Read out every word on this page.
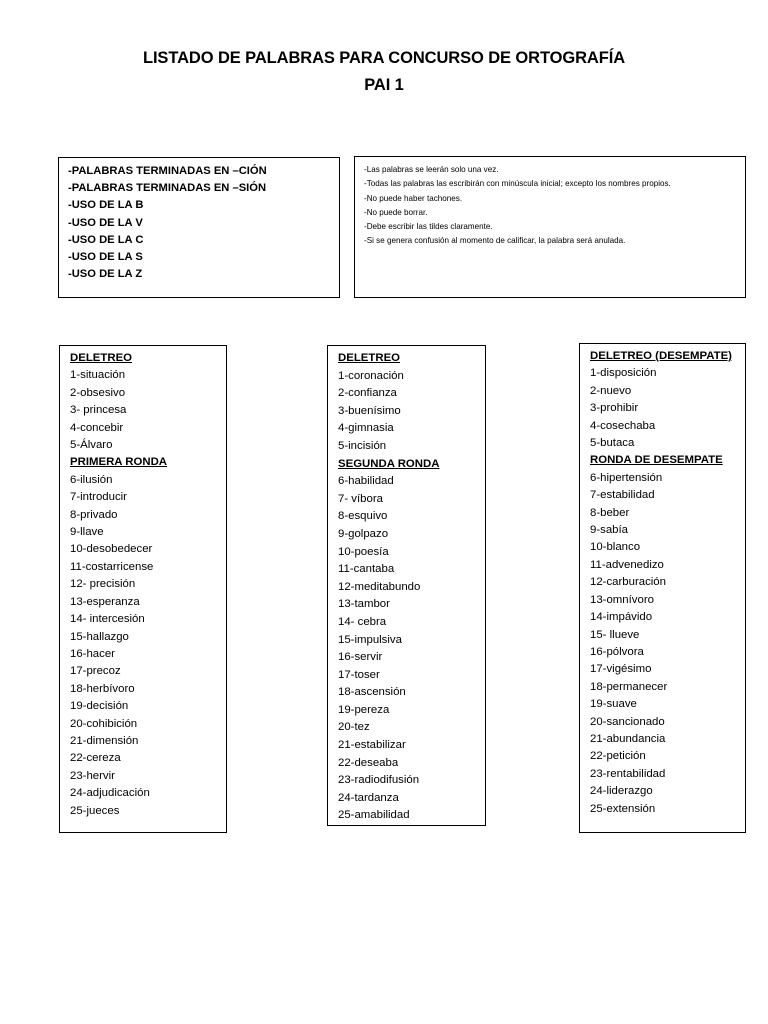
LISTADO DE PALABRAS PARA CONCURSO DE ORTOGRAFÍA
PAI 1
-PALABRAS TERMINADAS EN –CIÓN
-PALABRAS TERMINADAS EN –SIÓN
-USO DE LA B
-USO DE LA V
-USO DE LA C
-USO DE LA S
-USO DE LA Z
-Las palabras se leerán solo una vez.
-Todas las palabras las escribirán con minúscula inicial; excepto los nombres propios.
-No puede haber tachones.
-No puede borrar.
-Debe escribir las tildes claramente.
-Si se genera confusión al momento de calificar, la palabra será anulada.
DELETREO
1-situación
2-obsesivo
3- princesa
4-concebir
5-Álvaro
PRIMERA RONDA
6-ilusión
7-introducir
8-privado
9-llave
10-desobedecer
11-costarricense
12- precisión
13-esperanza
14- intercesión
15-hallazgo
16-hacer
17-precoz
18-herbívoro
19-decisión
20-cohibición
21-dimensión
22-cereza
23-hervir
24-adjudicación
25-jueces
DELETREO
1-coronación
2-confianza
3-buenísimo
4-gimnasia
5-incisión
SEGUNDA RONDA
6-habilidad
7- víbora
8-esquivo
9-golpazo
10-poesía
11-cantaba
12-meditabundo
13-tambor
14- cebra
15-impulsiva
16-servir
17-toser
18-ascensión
19-pereza
20-tez
21-estabilizar
22-deseaba
23-radiodifusión
24-tardanza
25-amabilidad
DELETREO (DESEMPATE)
1-disposición
2-nuevo
3-prohibir
4-cosechaba
5-butaca
RONDA DE DESEMPATE
6-hipertensión
7-estabilidad
8-beber
9-sabía
10-blanco
11-advenedizo
12-carburación
13-omnívoro
14-impávido
15- llueve
16-pólvora
17-vigésimo
18-permanecer
19-suave
20-sancionado
21-abundancia
22-petición
23-rentabilidad
24-liderazgo
25-extensión
